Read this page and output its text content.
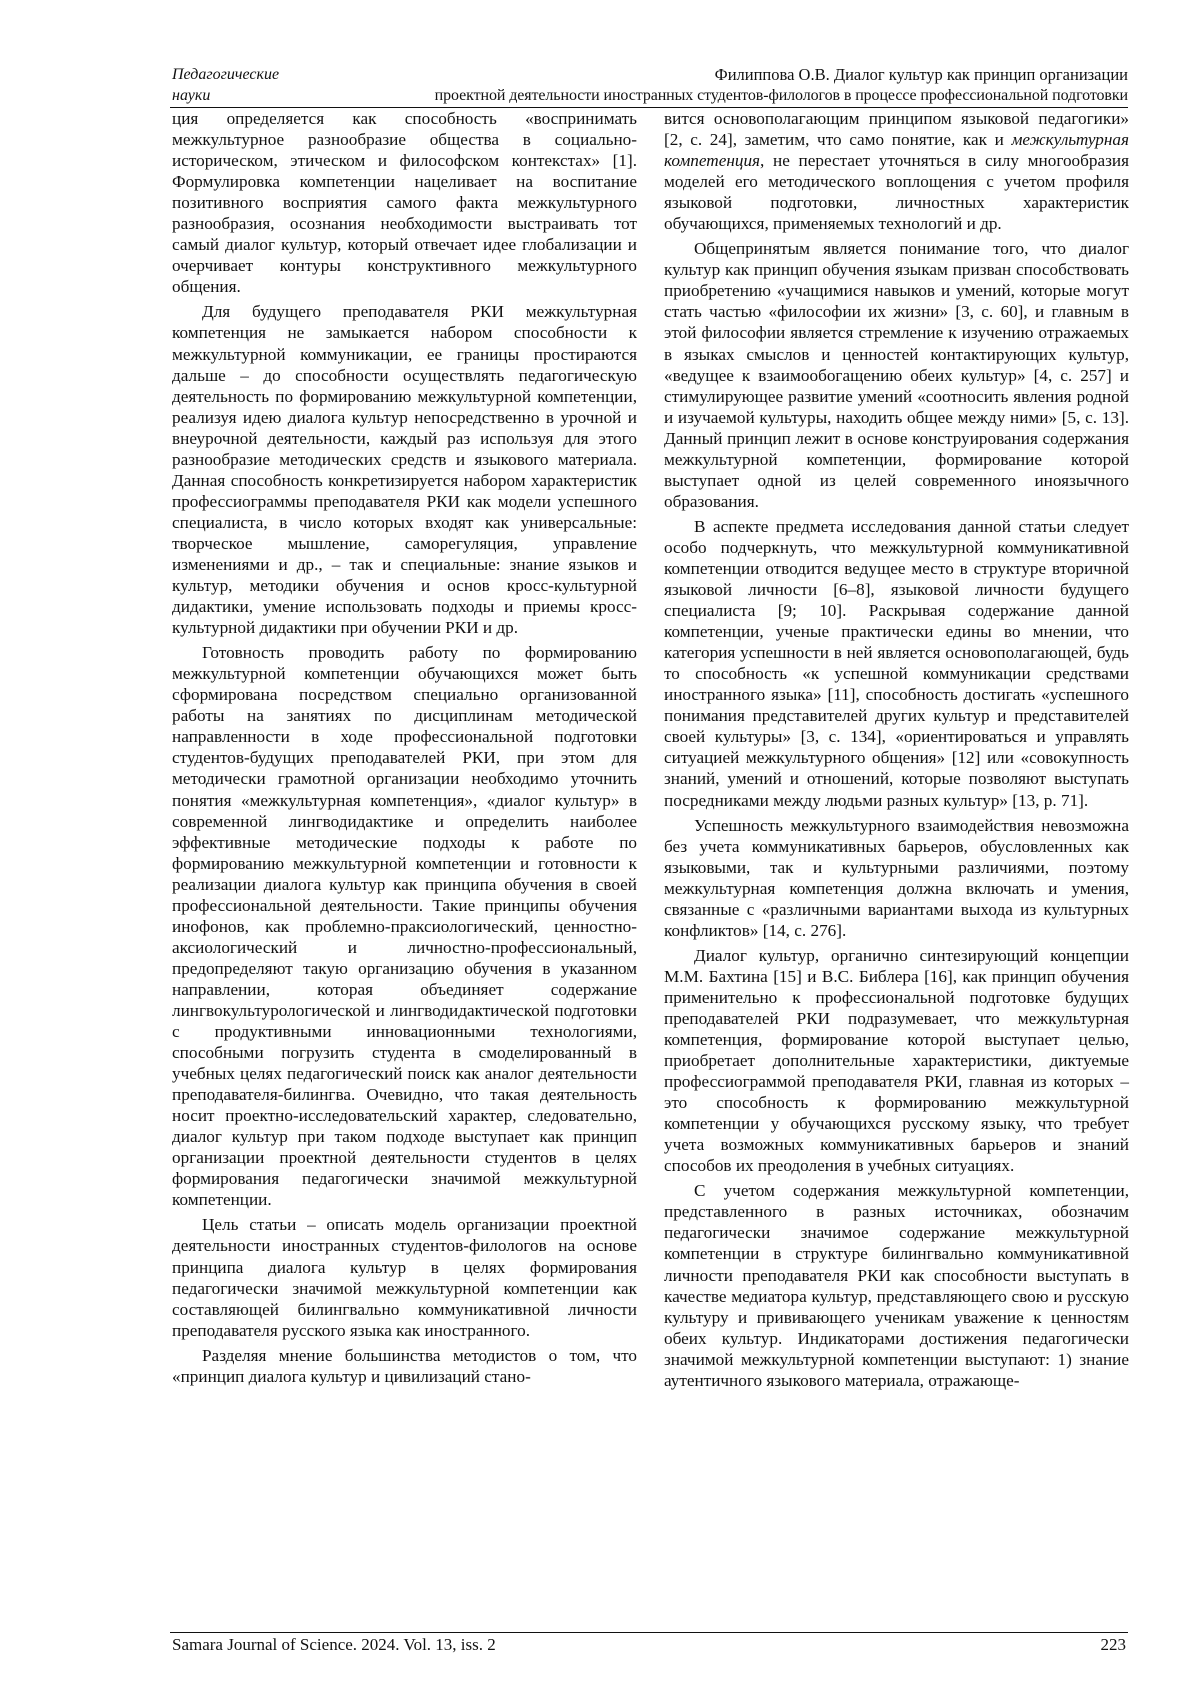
Педагогические
науки
Филиппова О.В. Диалог культур как принцип организации
проектной деятельности иностранных студентов-филологов в процессе профессиональной подготовки

ция определяется как способность «воспринимать межкультурное разнообразие общества в социально-историческом, этическом и философском контекстах» [1]. Формулировка компетенции нацеливает на воспитание позитивного восприятия самого факта межкультурного разнообразия, осознания необходимости выстраивать тот самый диалог культур, который отвечает идее глобализации и очерчивает контуры конструктивного межкультурного общения.

Для будущего преподавателя РКИ межкультурная компетенция не замыкается набором способности к межкультурной коммуникации, ее границы простираются дальше – до способности осуществлять педагогическую деятельность по формированию межкультурной компетенции, реализуя идею диалога культур непосредственно в урочной и внеурочной деятельности, каждый раз используя для этого разнообразие методических средств и языкового материала. Данная способность конкретизируется набором характеристик профессиограммы преподавателя РКИ как модели успешного специалиста, в число которых входят как универсальные: творческое мышление, саморегуляция, управление изменениями и др., – так и специальные: знание языков и культур, методики обучения и основ кросс-культурной дидактики, умение использовать подходы и приемы кросс-культурной дидактики при обучении РКИ и др.

Готовность проводить работу по формированию межкультурной компетенции обучающихся может быть сформирована посредством специально организованной работы на занятиях по дисциплинам методической направленности в ходе профессиональной подготовки студентов-будущих преподавателей РКИ, при этом для методически грамотной организации необходимо уточнить понятия «межкультурная компетенция», «диалог культур» в современной лингводидактике и определить наиболее эффективные методические подходы к работе по формированию межкультурной компетенции и готовности к реализации диалога культур как принципа обучения в своей профессиональной деятельности. Такие принципы обучения инофонов, как проблемно-праксиологический, ценностно-аксиологический и личностно-профессиональный, предопределяют такую организацию обучения в указанном направлении, которая объединяет содержание лингвокультурологической и лингводидактической подготовки с продуктивными инновационными технологиями, способными погрузить студента в смоделированный в учебных целях педагогический поиск как аналог деятельности преподавателя-билингва. Очевидно, что такая деятельность носит проектно-исследовательский характер, следовательно, диалог культур при таком подходе выступает как принцип организации проектной деятельности студентов в целях формирования педагогически значимой межкультурной компетенции.

Цель статьи – описать модель организации проектной деятельности иностранных студентов-филологов на основе принципа диалога культур в целях формирования педагогически значимой межкультурной компетенции как составляющей билингвально коммуникативной личности преподавателя русского языка как иностранного.

Разделяя мнение большинства методистов о том, что «принцип диалога культур и цивилизаций стано-

вится основополагающим принципом языковой педагогики» [2, с. 24], заметим, что само понятие, как и межкультурная компетенция, не перестает уточняться в силу многообразия моделей его методического воплощения с учетом профиля языковой подготовки, личностных характеристик обучающихся, применяемых технологий и др.

Общепринятым является понимание того, что диалог культур как принцип обучения языкам призван способствовать приобретению «учащимися навыков и умений, которые могут стать частью «философии их жизни» [3, с. 60], и главным в этой философии является стремление к изучению отражаемых в языках смыслов и ценностей контактирующих культур, «ведущее к взаимообогащению обеих культур» [4, с. 257] и стимулирующее развитие умений «соотносить явления родной и изучаемой культуры, находить общее между ними» [5, с. 13]. Данный принцип лежит в основе конструирования содержания межкультурной компетенции, формирование которой выступает одной из целей современного иноязычного образования.

В аспекте предмета исследования данной статьи следует особо подчеркнуть, что межкультурной коммуникативной компетенции отводится ведущее место в структуре вторичной языковой личности [6–8], языковой личности будущего специалиста [9; 10]. Раскрывая содержание данной компетенции, ученые практически едины во мнении, что категория успешности в ней является основополагающей, будь то способность «к успешной коммуникации средствами иностранного языка» [11], способность достигать «успешного понимания представителей других культур и представителей своей культуры» [3, с. 134], «ориентироваться и управлять ситуацией межкультурного общения» [12] или «совокупность знаний, умений и отношений, которые позволяют выступать посредниками между людьми разных культур» [13, p. 71].

Успешность межкультурного взаимодействия невозможна без учета коммуникативных барьеров, обусловленных как языковыми, так и культурными различиями, поэтому межкультурная компетенция должна включать и умения, связанные с «различными вариантами выхода из культурных конфликтов» [14, с. 276].

Диалог культур, органично синтезирующий концепции М.М. Бахтина [15] и В.С. Библера [16], как принцип обучения применительно к профессиональной подготовке будущих преподавателей РКИ подразумевает, что межкультурная компетенция, формирование которой выступает целью, приобретает дополнительные характеристики, диктуемые профессиограммой преподавателя РКИ, главная из которых – это способность к формированию межкультурной компетенции у обучающихся русскому языку, что требует учета возможных коммуникативных барьеров и знаний способов их преодоления в учебных ситуациях.

С учетом содержания межкультурной компетенции, представленного в разных источниках, обозначим педагогически значимое содержание межкультурной компетенции в структуре билингвально коммуникативной личности преподавателя РКИ как способности выступать в качестве медиатора культур, представляющего свою и русскую культуру и прививающего ученикам уважение к ценностям обеих культур. Индикаторами достижения педагогически значимой межкультурной компетенции выступают: 1) знание аутентичного языкового материала, отражающе-

Samara Journal of Science. 2024. Vol. 13, iss. 2	223
